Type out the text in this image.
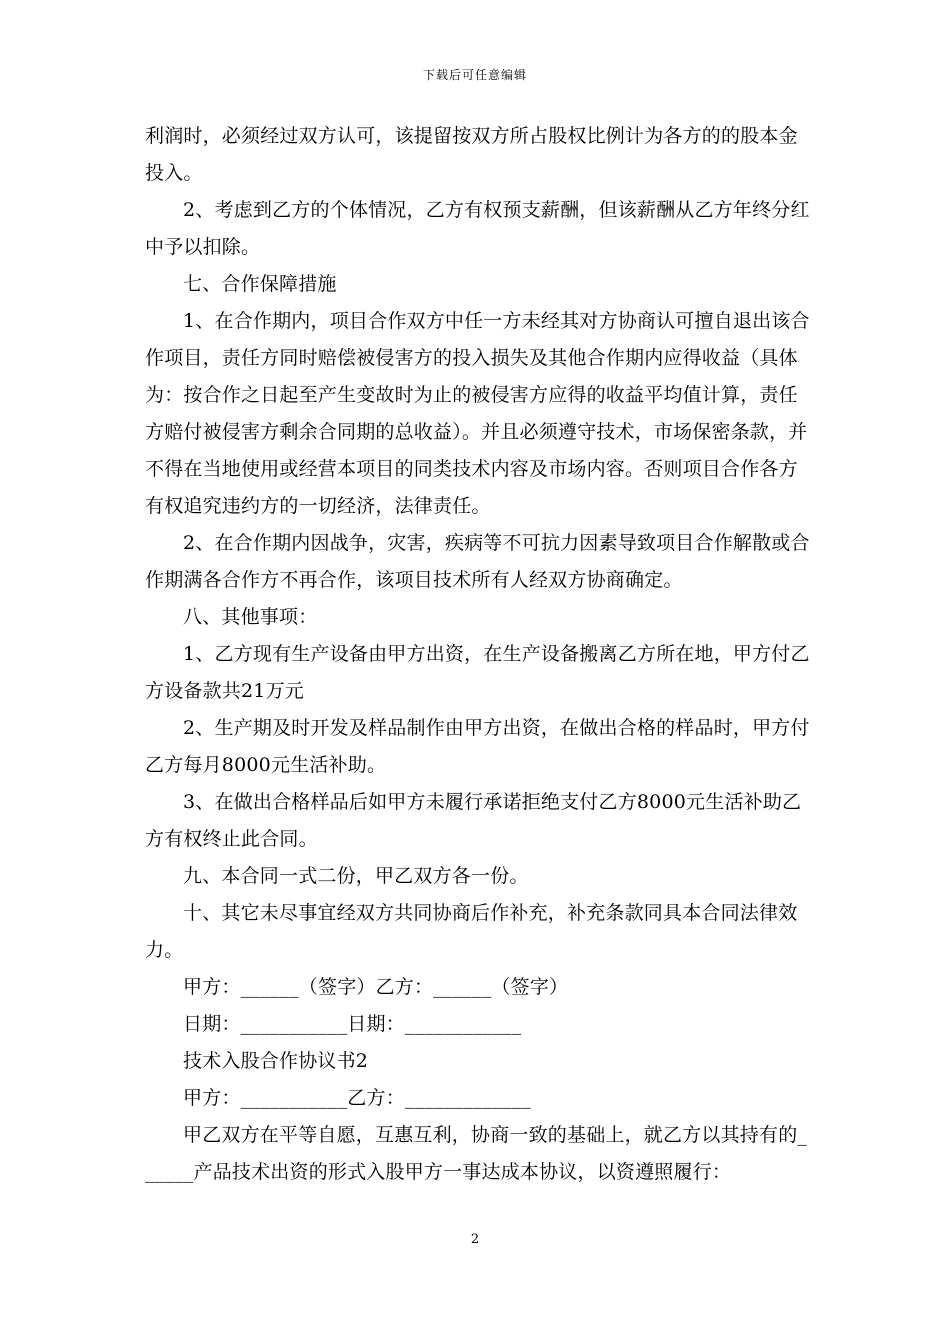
下载后可任意编辑

利润时，必须经过双方认可，该提留按双方所占股权比例计为各方的的股本金投入。

2、考虑到乙方的个体情况，乙方有权预支薪酬，但该薪酬从乙方年终分红中予以扣除。

七、合作保障措施

1、在合作期内，项目合作双方中任一方未经其对方协商认可擅自退出该合作项目，责任方同时赔偿被侵害方的投入损失及其他合作期内应得收益（具体为：按合作之日起至产生变故时为止的被侵害方应得的收益平均值计算，责任方赔付被侵害方剩余合同期的总收益）。并且必须遵守技术，市场保密条款，并不得在当地使用或经营本项目的同类技术内容及市场内容。否则项目合作各方有权追究违约方的一切经济，法律责任。

2、在合作期内因战争，灾害，疾病等不可抗力因素导致项目合作解散或合作期满各合作方不再合作，该项目技术所有人经双方协商确定。

八、其他事项：

1、乙方现有生产设备由甲方出资，在生产设备搬离乙方所在地，甲方付乙方设备款共21万元

2、生产期及时开发及样品制作由甲方出资，在做出合格的样品时，甲方付乙方每月8000元生活补助。

3、在做出合格样品后如甲方未履行承诺拒绝支付乙方8000元生活补助乙方有权终止此合同。

九、本合同一式二份，甲乙双方各一份。

十、其它未尽事宜经双方共同协商后作补充，补充条款同具本合同法律效力。

甲方：______（签字）乙方：______（签字）

日期：___________日期：____________

技术入股合作协议书2

甲方：___________乙方：_____________

甲乙双方在平等自愿，互惠互利，协商一致的基础上，就乙方以其持有的______产品技术出资的形式入股甲方一事达成本协议，以资遵照履行：

2
